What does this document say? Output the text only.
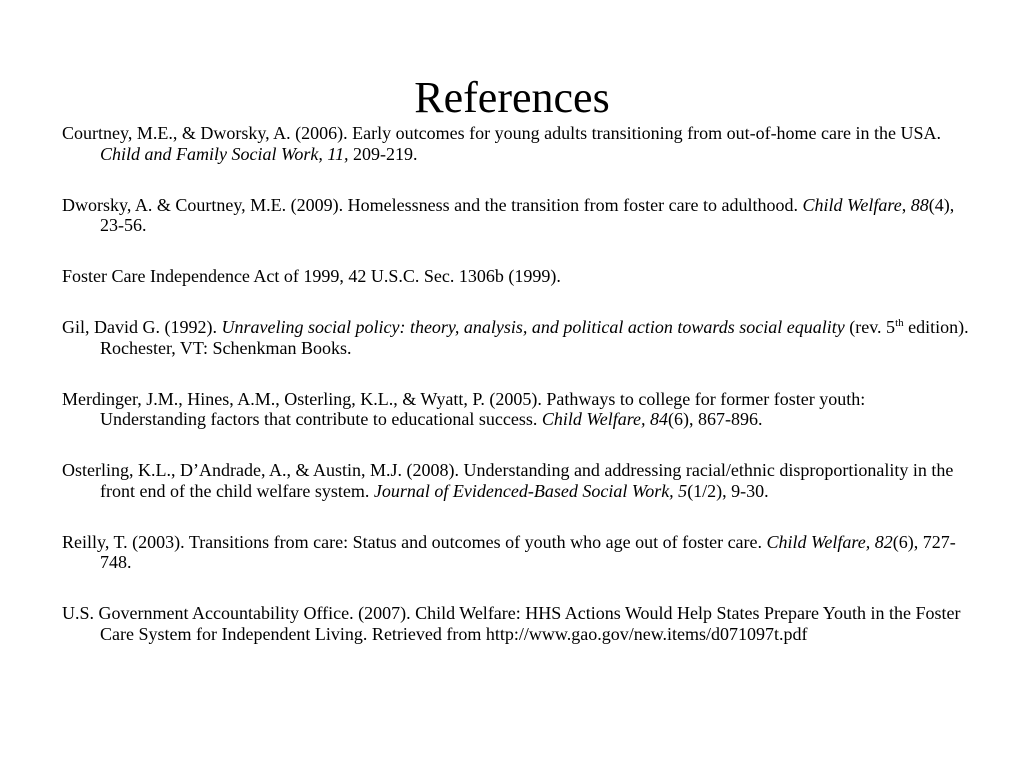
References
Courtney, M.E., & Dworsky, A. (2006). Early outcomes for young adults transitioning from out-of-home care in the USA. Child and Family Social Work, 11, 209-219.
Dworsky, A. & Courtney, M.E. (2009). Homelessness and the transition from foster care to adulthood. Child Welfare, 88(4), 23-56.
Foster Care Independence Act of 1999, 42 U.S.C. Sec. 1306b (1999).
Gil, David G. (1992). Unraveling social policy: theory, analysis, and political action towards social equality (rev. 5th edition). Rochester, VT: Schenkman Books.
Merdinger, J.M., Hines, A.M., Osterling, K.L., & Wyatt, P. (2005). Pathways to college for former foster youth: Understanding factors that contribute to educational success. Child Welfare, 84(6), 867-896.
Osterling, K.L., D’Andrade, A., & Austin, M.J. (2008). Understanding and addressing racial/ethnic disproportionality in the front end of the child welfare system. Journal of Evidenced-Based Social Work, 5(1/2), 9-30.
Reilly, T. (2003). Transitions from care: Status and outcomes of youth who age out of foster care. Child Welfare, 82(6), 727-748.
U.S. Government Accountability Office. (2007). Child Welfare: HHS Actions Would Help States Prepare Youth in the Foster Care System for Independent Living. Retrieved from http://www.gao.gov/new.items/d071097t.pdf
